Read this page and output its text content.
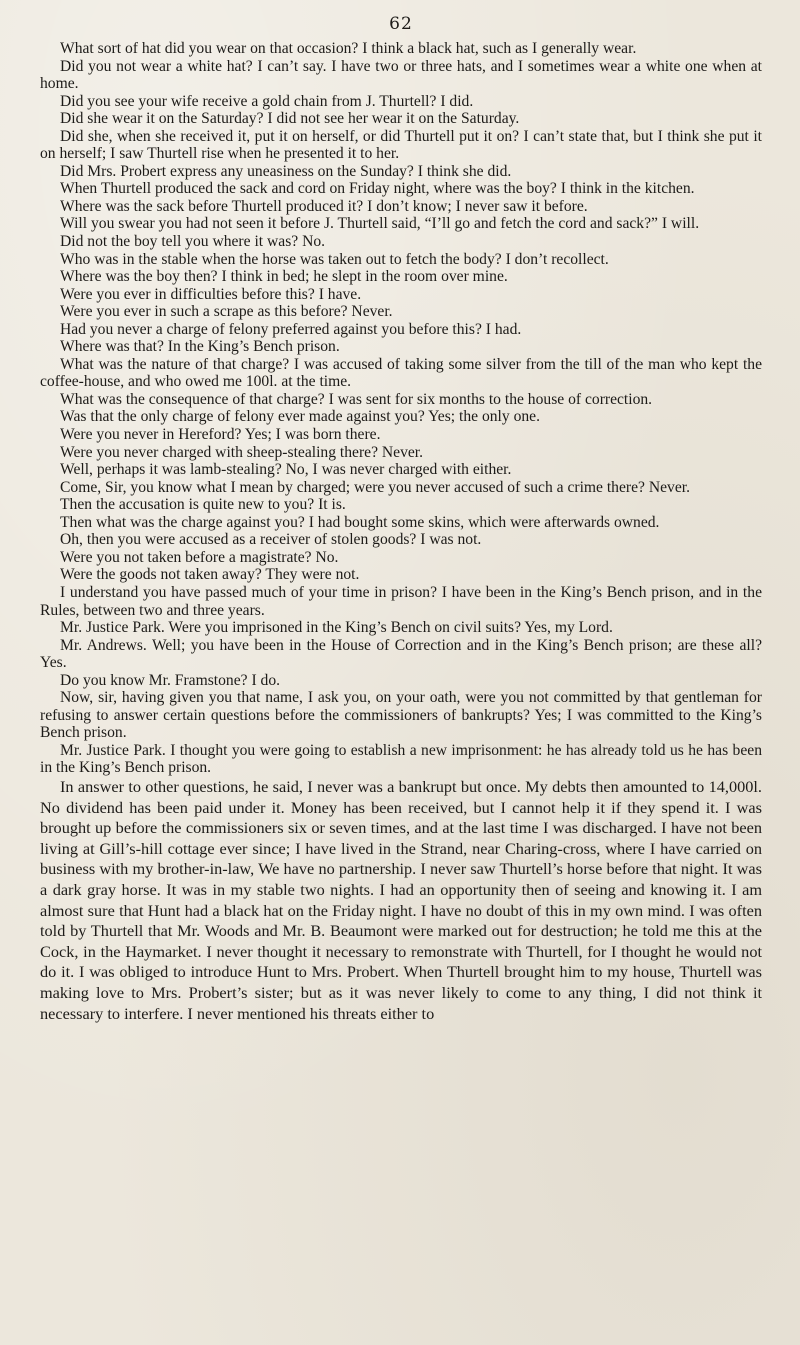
62

What sort of hat did you wear on that occasion? I think a black hat, such as I generally wear.

Did you not wear a white hat? I can’t say. I have two or three hats, and I sometimes wear a white one when at home.

Did you see your wife receive a gold chain from J. Thurtell? I did.

Did she wear it on the Saturday? I did not see her wear it on the Saturday.

Did she, when she received it, put it on herself, or did Thurtell put it on? I can’t state that, but I think she put it on herself; I saw Thurtell rise when he presented it to her.

Did Mrs. Probert express any uneasiness on the Sunday? I think she did.

When Thurtell produced the sack and cord on Friday night, where was the boy? I think in the kitchen.

Where was the sack before Thurtell produced it? I don’t know; I never saw it before.

Will you swear you had not seen it before J. Thurtell said, “I’ll go and fetch the cord and sack?” I will.

Did not the boy tell you where it was? No.

Who was in the stable when the horse was taken out to fetch the body? I don’t recollect.

Where was the boy then? I think in bed; he slept in the room over mine.

Were you ever in difficulties before this? I have.

Were you ever in such a scrape as this before? Never.

Had you never a charge of felony preferred against you before this? I had.

Where was that? In the King’s Bench prison.

What was the nature of that charge? I was accused of taking some silver from the till of the man who kept the coffee-house, and who owed me 100l. at the time.

What was the consequence of that charge? I was sent for six months to the house of correction.

Was that the only charge of felony ever made against you? Yes; the only one.

Were you never in Hereford? Yes; I was born there.

Were you never charged with sheep-stealing there? Never.

Well, perhaps it was lamb-stealing? No, I was never charged with either.

Come, Sir, you know what I mean by charged; were you never accused of such a crime there? Never.

Then the accusation is quite new to you? It is.

Then what was the charge against you? I had bought some skins, which were afterwards owned.

Oh, then you were accused as a receiver of stolen goods? I was not.

Were you not taken before a magistrate? No.

Were the goods not taken away? They were not.

I understand you have passed much of your time in prison? I have been in the King’s Bench prison, and in the Rules, between two and three years.

Mr. Justice Park. Were you imprisoned in the King’s Bench on civil suits? Yes, my Lord.

Mr. Andrews. Well; you have been in the House of Correction and in the King’s Bench prison; are these all? Yes.

Do you know Mr. Framstone? I do.

Now, sir, having given you that name, I ask you, on your oath, were you not committed by that gentleman for refusing to answer certain questions before the commissioners of bankrupts? Yes; I was committed to the King’s Bench prison.

Mr. Justice Park. I thought you were going to establish a new imprisonment: he has already told us he has been in the King’s Bench prison.

In answer to other questions, he said, I never was a bankrupt but once. My debts then amounted to 14,000l. No dividend has been paid under it. Money has been received, but I cannot help it if they spend it. I was brought up before the commissioners six or seven times, and at the last time I was discharged. I have not been living at Gill’s-hill cottage ever since; I have lived in the Strand, near Charing-cross, where I have carried on business with my brother-in-law, We have no partnership. I never saw Thurtell’s horse before that night. It was a dark gray horse. It was in my stable two nights. I had an opportunity then of seeing and knowing it. I am almost sure that Hunt had a black hat on the Friday night. I have no doubt of this in my own mind. I was often told by Thurtell that Mr. Woods and Mr. B. Beaumont were marked out for destruction; he told me this at the Cock, in the Haymarket. I never thought it necessary to remonstrate with Thurtell, for I thought he would not do it. I was obliged to introduce Hunt to Mrs. Probert. When Thurtell brought him to my house, Thurtell was making love to Mrs. Probert’s sister; but as it was never likely to come to any thing, I did not think it necessary to interfere. I never mentioned his threats either to
